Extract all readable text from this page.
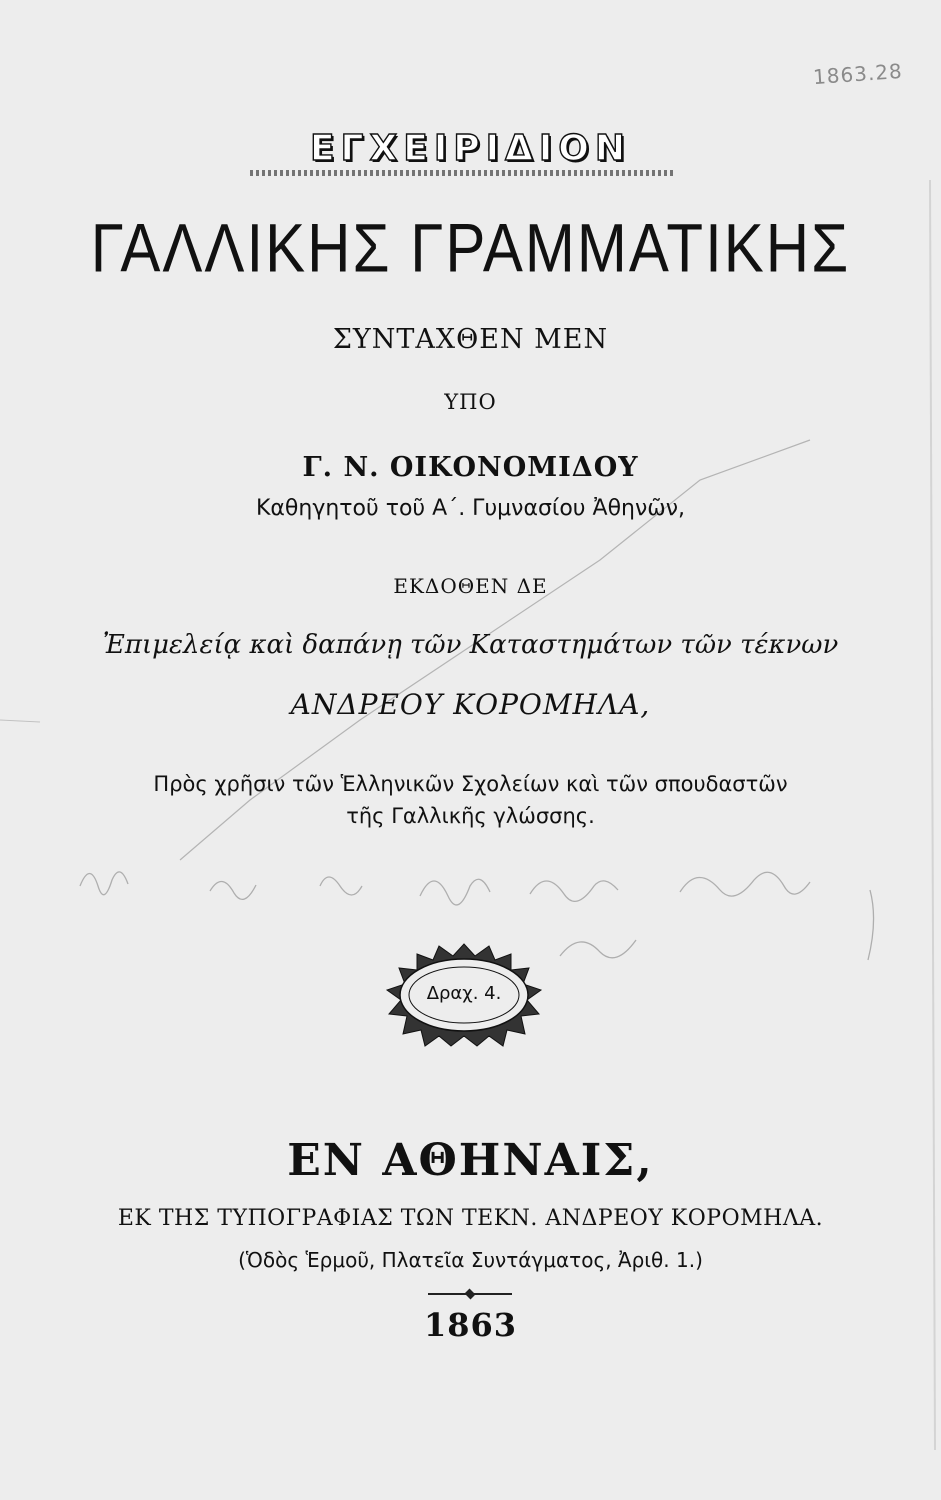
1863.28
ΕΓΧΕΙΡΙΔΙΟΝ
ΓΑΛΛΙΚΗΣ ΓΡΑΜΜΑΤΙΚΗΣ
ΣΥΝΤΑΧΘΕΝ ΜΕΝ
ΥΠΟ
Γ. Ν. ΟΙΚΟΝΟΜΙΔΟΥ
Καθηγητοῦ τοῦ Α΄. Γυμνασίου Ἀθηνῶν,
ΕΚΔΟΘΕΝ ΔΕ
Ἐπιμελείᾳ καὶ δαπάνῃ τῶν Καταστημάτων τῶν τέκνων
ΑΝΔΡΕΟΥ ΚΟΡΟΜΗΛΑ,
Πρὸς χρῆσιν τῶν Ἑλληνικῶν Σχολείων καὶ τῶν σπουδαστῶν
τῆς Γαλλικῆς γλώσσης.
Δραχ. 4.
ΕΝ ΑΘΗΝΑΙΣ,
ΕΚ ΤΗΣ ΤΥΠΟΓΡΑΦΙΑΣ ΤΩΝ ΤΕΚΝ. ΑΝΔΡΕΟΥ ΚΟΡΟΜΗΛΑ.
(Ὁδὸς Ἑρμοῦ, Πλατεῖα Συντάγματος, Ἀριθ. 1.)
1863
